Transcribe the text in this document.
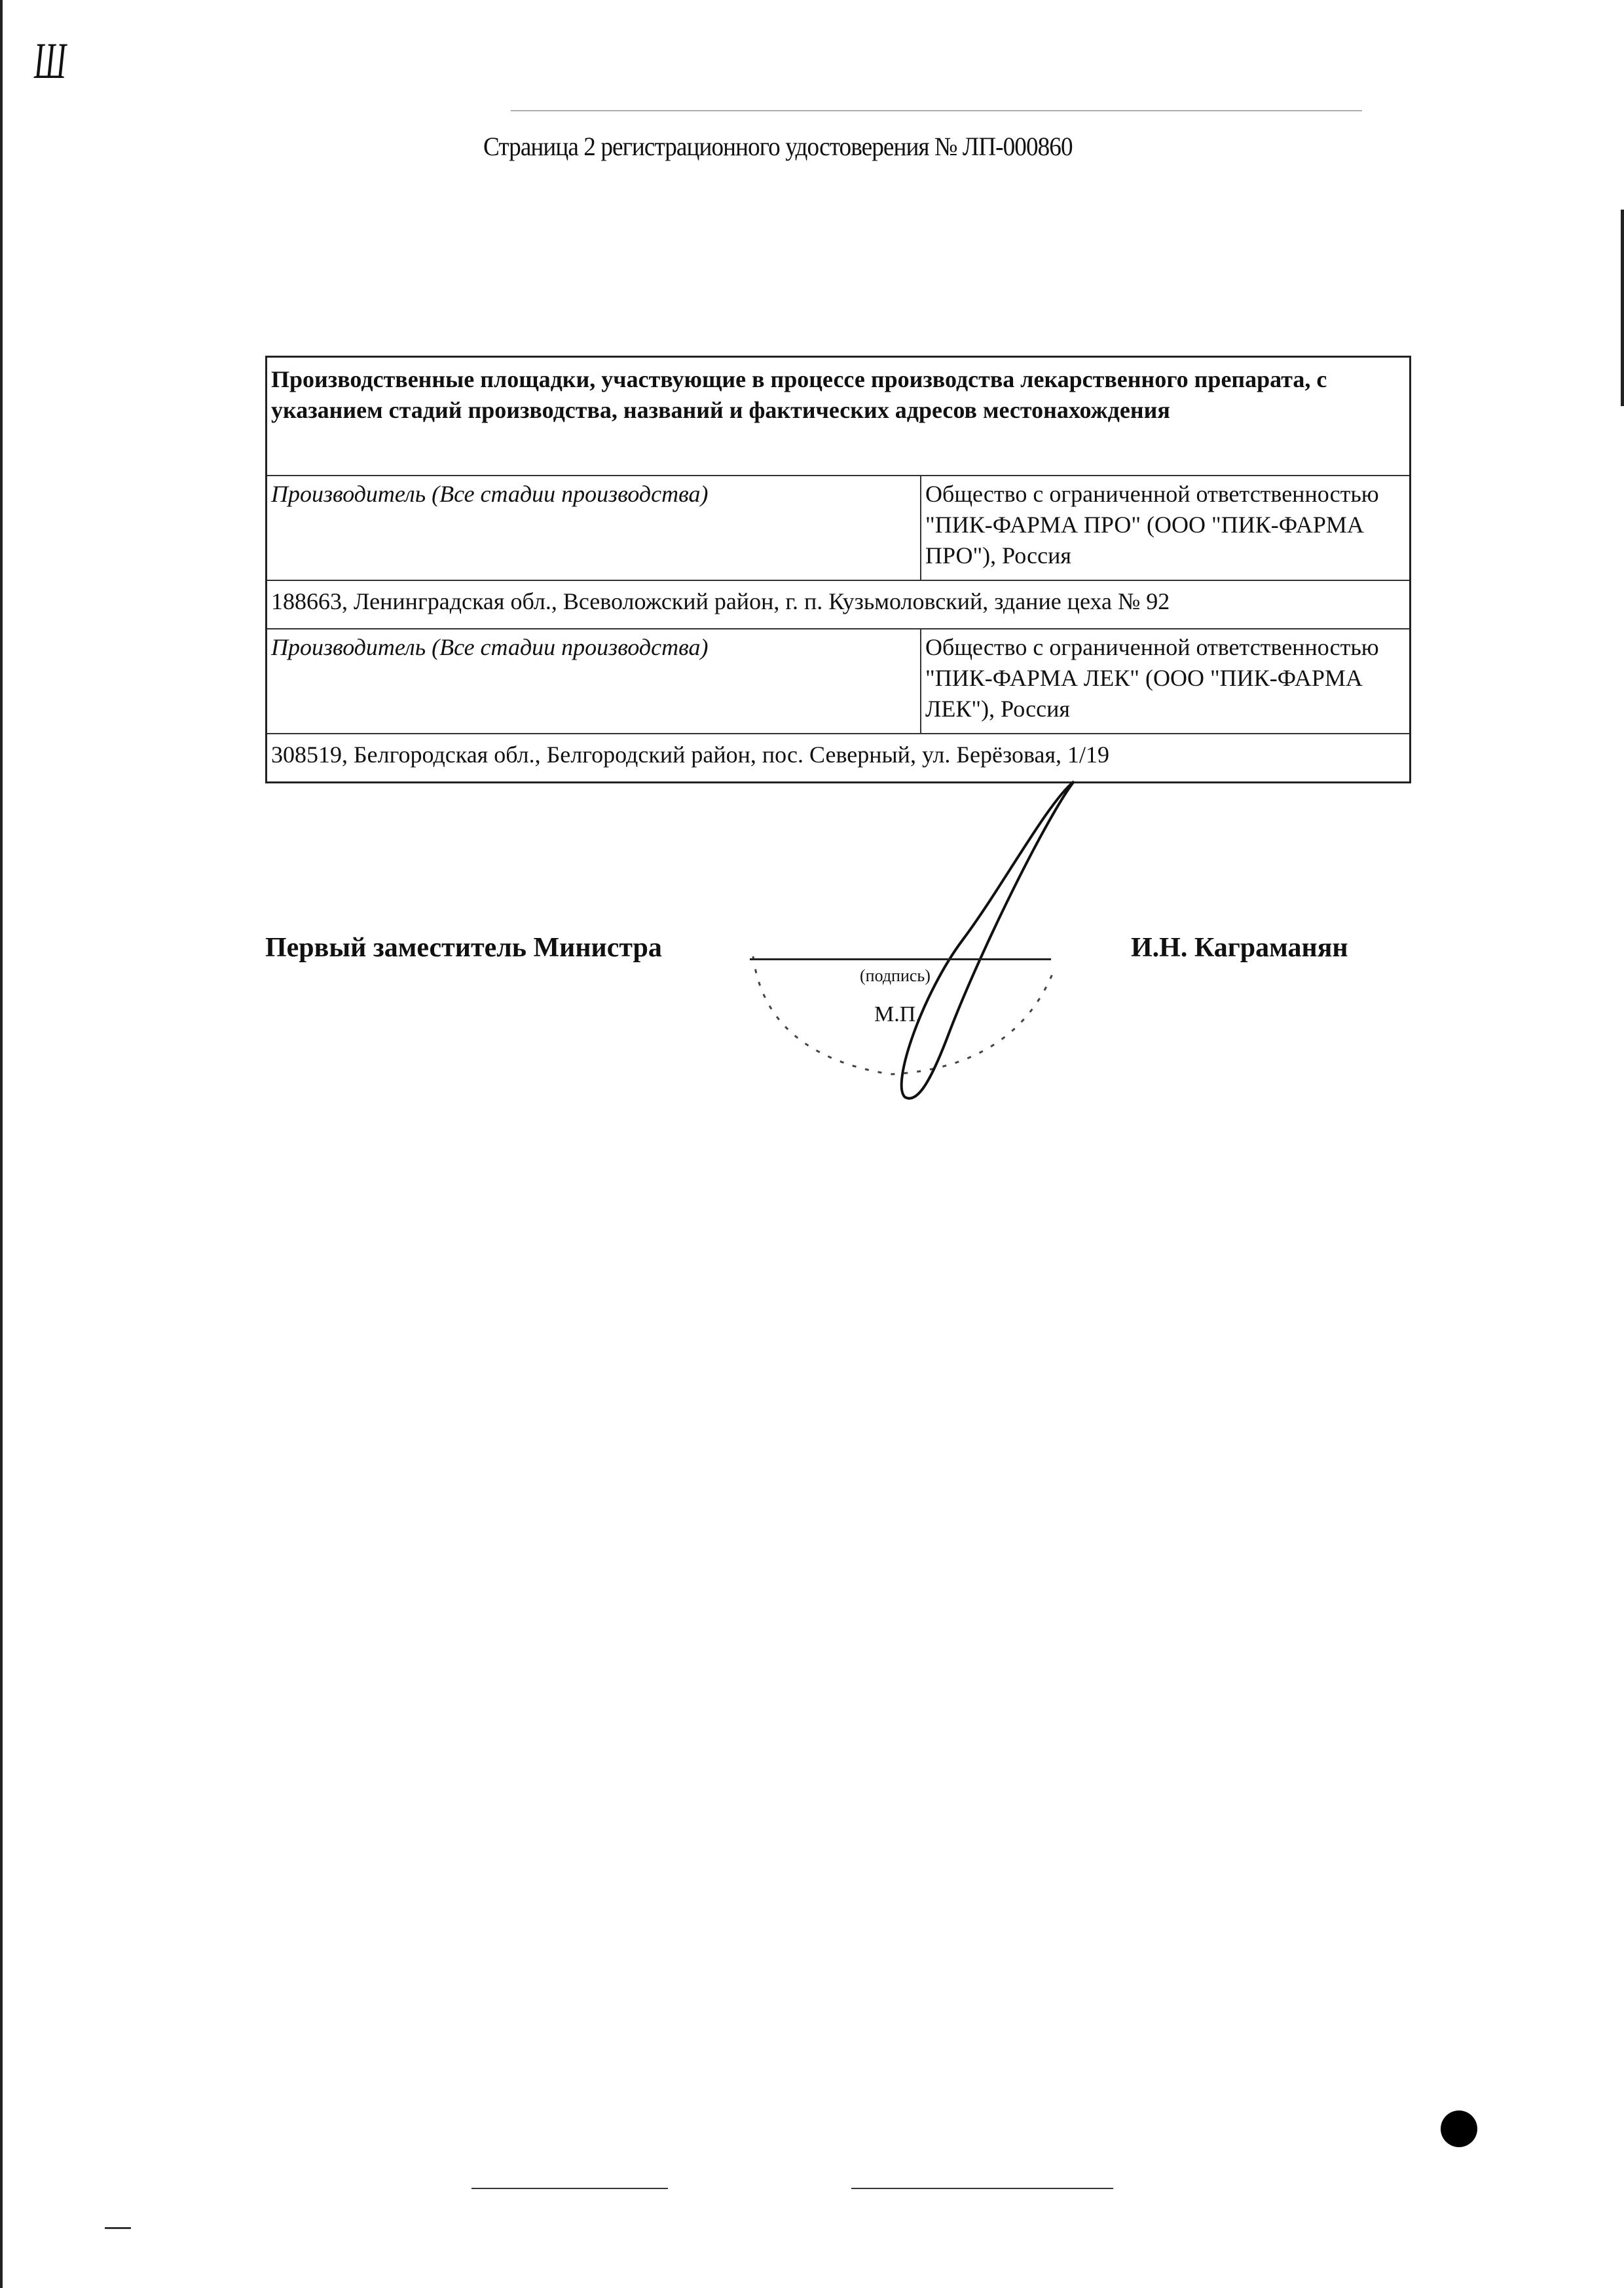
Ш
Страница 2 регистрационного удостоверения № ЛП-000860
Производственные площадки, участвующие в процессе производства лекарственного препарата, с указанием стадий производства, названий и фактических адресов местонахождения	
Производитель (Все стадии производства)	Общество с ограниченной ответственностью "ПИК-ФАРМА ПРО" (ООО "ПИК-ФАРМА ПРО"), Россия
188663, Ленинградская обл., Всеволожский район, г. п. Кузьмоловский, здание цеха № 92	
Производитель (Все стадии производства)	Общество с ограниченной ответственностью "ПИК-ФАРМА ЛЕК" (ООО "ПИК-ФАРМА ЛЕК"), Россия
308519, Белгородская обл., Белгородский район, пос. Северный, ул. Берёзовая, 1/19	
Первый заместитель Министра
(подпись)
М.П.
И.Н. Каграманян
